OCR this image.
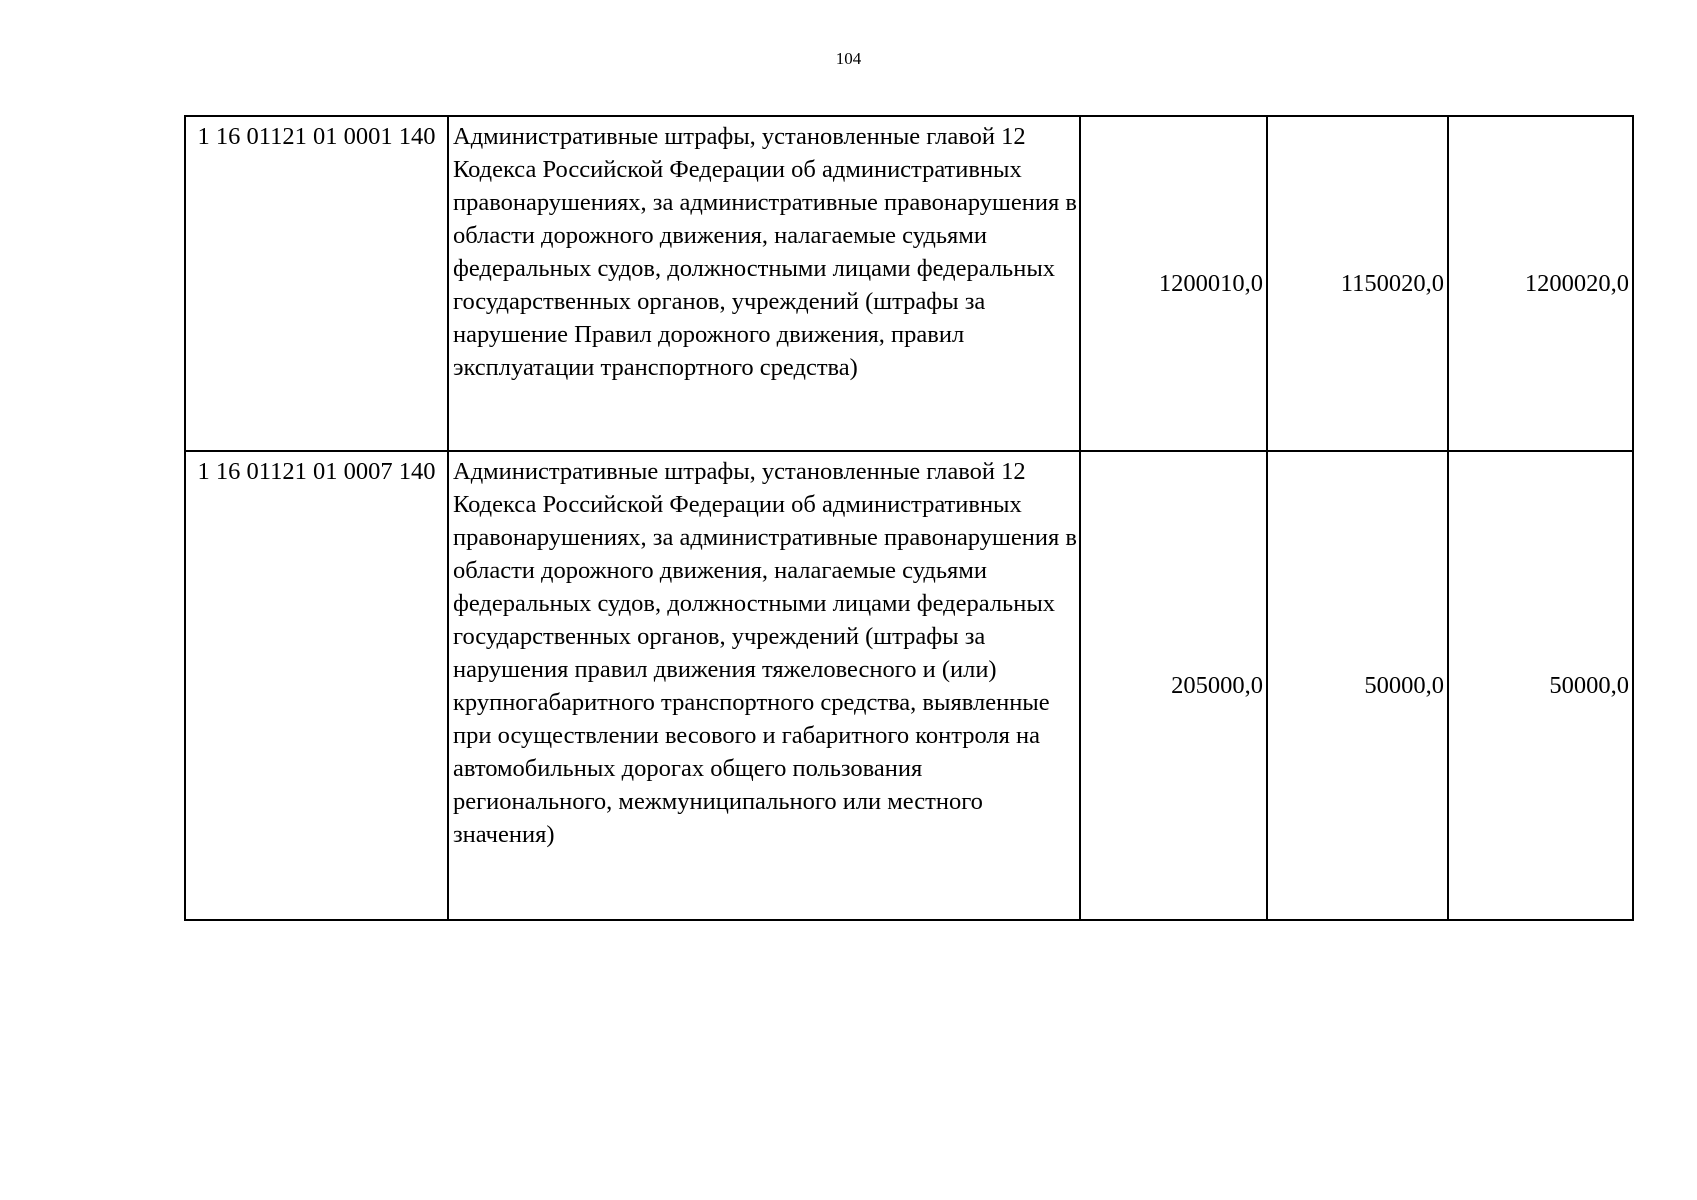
104
1 16 01121 01 0001 140	Административные штрафы, установленные главой 12 Кодекса Российской Федерации об административных правонарушениях, за административные правонарушения в области дорожного движения, налагаемые судьями федеральных судов, должностными лицами федеральных государственных органов, учреждений (штрафы за нарушение Правил дорожного движения, правил эксплуатации транспортного средства)	1200010,0	1150020,0	1200020,0

1 16 01121 01 0007 140	Административные штрафы, установленные главой 12 Кодекса Российской Федерации об административных правонарушениях, за административные правонарушения в области дорожного движения, налагаемые судьями федеральных судов, должностными лицами федеральных государственных органов, учреждений (штрафы за нарушения правил движения тяжеловесного и (или) крупногабаритного транспортного средства, выявленные при осуществлении весового и габаритного контроля на автомобильных дорогах общего пользования регионального, межмуниципального или местного значения)	205000,0	50000,0	50000,0
